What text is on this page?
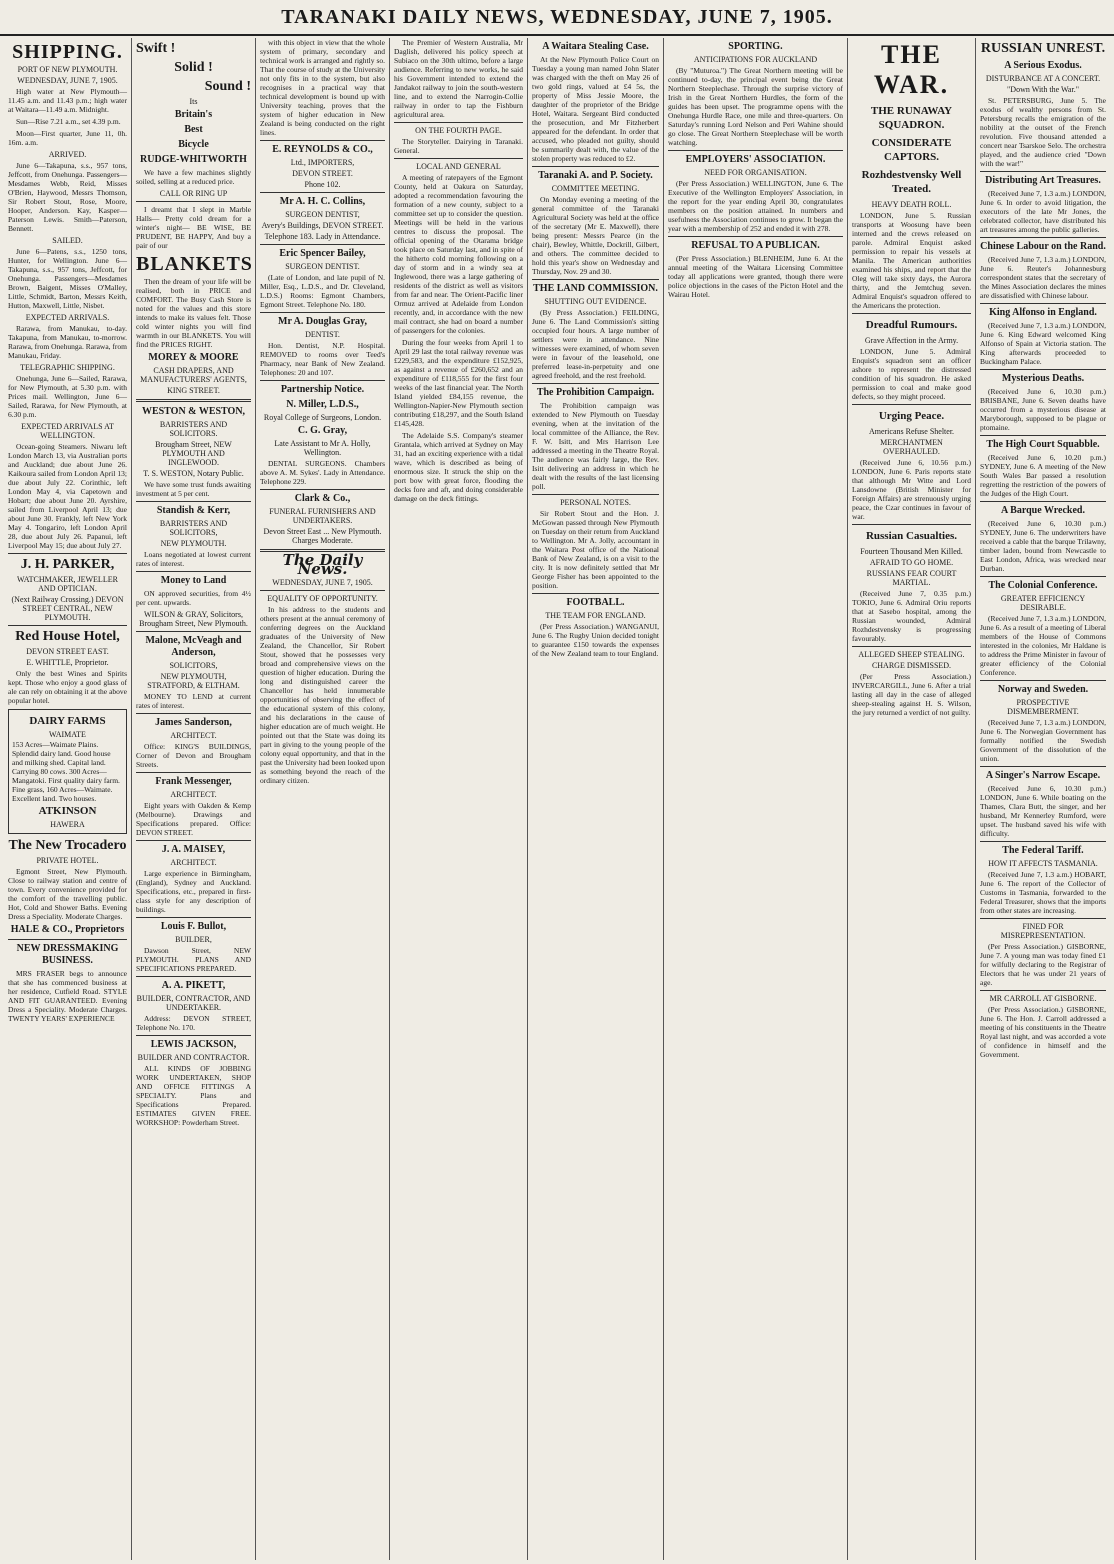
TARANAKI DAILY NEWS, WEDNESDAY, JUNE 7, 1905.
SHIPPING.
PORT OF NEW PLYMOUTH.
WEDNESDAY, JUNE 7, 1905.

High water at New Plymouth—11.45 a.m. and 11.43 p.m.; high water at Waitara—11.49 a.m. Midnight.

Sun—Rise 7.21 a.m., set 4.39 p.m.

Moon—First quarter, June 11, 0h. 16m. a.m.

ARRIVED.

June 6—Takapuna, s.s., 957 tons, Jeffcott, from Onehunga. Passengers—Mesdames Webb, Reid, Misses O'Brien, Haywood, Messrs Thomson, Sir Robert Stout, Rose, Moore, Hooper, Anderson. Kay, Kasper—Paterson Lewis. Smith—Paterson, Bennett.

SAILED.

June 6—Patens, s.s., 1250 tons, Hunter, for Wellington. June 6—Takapuna, s.s., 957 tons, Jeffcott, for Onehunga. Passengers—Mesdames Brown, Baigent, Misses O'Malley, Little, Schmidt, Barton, Messrs Keith, Hutton, Maxwell, Little, Nisbet.

EXPECTED ARRIVALS.

Rarawa, from Manukau, to-day. Takapuna, from Manukau, to-morrow. Rarawa, from Onehunga. Rarawa, from Manukau, Friday.

TELEGRAPHIC SHIPPING.

Onehunga, June 6—Sailed, Rarawa, for New Plymouth, at 5.30 p.m. with Prices mail. Wellington, June 6—Sailed, Rarawa, for New Plymouth, at 6.30 p.m.

EXPECTED ARRIVALS AT WELLINGTON.

Ocean-going Steamers. Niwaru left London March 13, via Australian ports and Auckland; due about June 26. Kaikoura sailed from London April 13; due about July 22. Corinthic, left London May 4, via Capetown and Hobart; due about June 20. Ayrshire, sailed from Liverpool April 13; due about June 30. Frankly, left New York May 4. Tongariro, left London April 28, due about July 26. Papanui, left Liverpool May 15; due about July 27.

J. H. PARKER,
WATCHMAKER, JEWELLER AND OPTICIAN.
(Next Railway Crossing.) DEVON STREET CENTRAL, NEW PLYMOUTH.
Red House Hotel,
DEVON STREET EAST.
E. WHITTLE, Proprietor.

Only the best Wines and Spirits kept. Those who enjoy a good glass of ale can rely on obtaining it at the above popular hotel.

DAIRY FARMS
WAIMATE
153 Acres—Waimate Plains. Splendid dairy land. Good house and milking shed. Capital land. Carrying 80 cows. 300 Acres—Mangatoki. First quality dairy farm. Fine grass, 160 Acres—Waimate. Excellent land. Two houses.
ATKINSON
HAWERA
The New Trocadero
PRIVATE HOTEL.

Egmont Street, New Plymouth. Close to railway station and centre of town. Every convenience provided for the comfort of the travelling public. Hot, Cold and Shower Baths. Evening Dress a Speciality. Moderate Charges.

HALE & CO., Proprietors
NEW DRESSMAKING BUSINESS.

MRS FRASER begs to announce that she has commenced business at her residence, Cutfield Road. STYLE AND FIT GUARANTEED. Evening Dress a Speciality. Moderate Charges. TWENTY YEARS' EXPERIENCE

Swift !
Solid !
Sound !
Its
Britain's
Best
Bicycle
RUDGE-WHITWORTH

We have a few machines slightly soiled, selling at a reduced price.

CALL OR RING UP

I dreamt that I slept in Marble Halls— Pretty cold dream for a winter's night— BE WISE, BE PRUDENT, BE HAPPY, And buy a pair of our

BLANKETS

Then the dream of your life will be realised, both in PRICE and COMFORT. The Busy Cash Store is noted for the values and this store intends to make its values felt. Those cold winter nights you will find warmth in our BLANKETS. You will find the PRICES RIGHT.

MOREY & MOORE
CASH DRAPERS, AND MANUFACTURERS' AGENTS,
KING STREET.
WESTON & WESTON,
BARRISTERS AND SOLICITORS.
Brougham Street, NEW PLYMOUTH AND INGLEWOOD.
T. S. WESTON, Notary Public.

We have some trust funds awaiting investment at 5 per cent.

Standish & Kerr,
BARRISTERS AND SOLICITORS,
NEW PLYMOUTH.

Loans negotiated at lowest current rates of interest.

Money to Land

ON approved securities, from 4½ per cent. upwards.

WILSON & GRAY, Solicitors, Brougham Street, New Plymouth.
Malone, McVeagh and Anderson,
SOLICITORS,
NEW PLYMOUTH, STRATFORD, & ELTHAM.

MONEY TO LEND at current rates of interest.

James Sanderson,
ARCHITECT.

Office: KING'S BUILDINGS, Corner of Devon and Brougham Streets.

Frank Messenger,
ARCHITECT.

Eight years with Oakden & Kemp (Melbourne). Drawings and Specifications prepared. Office: DEVON STREET.

J. A. MAISEY,
ARCHITECT.

Large experience in Birmingham, (England), Sydney and Auckland. Specifications, etc., prepared in first-class style for any description of buildings.

Louis F. Bullot,
BUILDER,

Dawson Street, NEW PLYMOUTH. PLANS AND SPECIFICATIONS PREPARED.

A. A. PIKETT,
BUILDER, CONTRACTOR, AND UNDERTAKER.

Address: DEVON STREET, Telephone No. 170.

LEWIS JACKSON,
BUILDER AND CONTRACTOR.

ALL KINDS OF JOBBING WORK UNDERTAKEN, SHOP AND OFFICE FITTINGS A SPECIALTY. Plans and Specifications Prepared. ESTIMATES GIVEN FREE. WORKSHOP: Powderham Street.

with this object in view that the whole system of primary, secondary and technical work is arranged and rightly so. That the course of study at the University not only fits in to the system, but also recognises in a practical way that technical development is bound up with University teaching, proves that the system of higher education in New Zealand is being conducted on the right lines.

E. REYNOLDS & CO.,
Ltd., IMPORTERS,
DEVON STREET.
Phone 102.
Mr A. H. C. Collins,
SURGEON DENTIST,
Avery's Buildings, DEVON STREET.
Telephone 183. Lady in Attendance.
Eric Spencer Bailey,
SURGEON DENTIST.

(Late of London, and late pupil of N. Miller, Esq., L.D.S., and Dr. Cleveland, L.D.S.) Rooms: Egmont Chambers, Egmont Street. Telephone No. 180.

Mr A. Douglas Gray,
DENTIST.

Hon. Dentist, N.P. Hospital. REMOVED to rooms over Teed's Pharmacy, near Bank of New Zealand. Telephones: 20 and 107.

Partnership Notice.
N. Miller, L.D.S.,
Royal College of Surgeons, London.
C. G. Gray,
Late Assistant to Mr A. Holly, Wellington.

DENTAL SURGEONS. Chambers above A. M. Sykes'. Lady in Attendance. Telephone 229.

Clark & Co.,
FUNERAL FURNISHERS AND UNDERTAKERS.
Devon Street East ... New Plymouth. Charges Moderate.
The Daily News.
WEDNESDAY, JUNE 7, 1905.
EQUALITY OF OPPORTUNITY.

In his address to the students and others present at the annual ceremony of conferring degrees on the Auckland graduates of the University of New Zealand, the Chancellor, Sir Robert Stout, showed that he possesses very broad and comprehensive views on the question of higher education. During the long and distinguished career the Chancellor has held innumerable opportunities of observing the effect of the educational system of this colony, and his declarations in the cause of higher education are of much weight. He pointed out that the State was doing its part in giving to the young people of the colony equal opportunity, and that in the past the University had been looked upon as something beyond the reach of the ordinary citizen.

The Premier of Western Australia, Mr Daglish, delivered his policy speech at Subiaco on the 30th ultimo, before a large audience. Referring to new works, he said his Government intended to extend the Jandakot railway to join the south-western line, and to extend the Narrogin-Collie railway in order to tap the Fishburn agricultural area.

ON THE FOURTH PAGE.

The Storyteller. Dairying in Taranaki. General.

LOCAL AND GENERAL

A meeting of ratepayers of the Egmont County, held at Oakura on Saturday, adopted a recommendation favouring the formation of a new county, subject to a committee set up to consider the question. Meetings will be held in the various centres to discuss the proposal. The official opening of the Otarama bridge took place on Saturday last, and in spite of the hitherto cold morning following on a day of storm and in a windy sea at Inglewood, there was a large gathering of residents of the district as well as visitors from far and near. The Orient-Pacific liner Ormuz arrived at Adelaide from London recently, and, in accordance with the new mail contract, she had on board a number of passengers for the colonies.

During the four weeks from April 1 to April 29 last the total railway revenue was £229,583, and the expenditure £152,925, as against a revenue of £260,652 and an expenditure of £118,555 for the first four weeks of the last financial year. The North Island yielded £84,155 revenue, the Wellington-Napier-New Plymouth section contributing £18,297, and the South Island £145,428.

The Adelaide S.S. Company's steamer Grantala, which arrived at Sydney on May 31, had an exciting experience with a tidal wave, which is described as being of enormous size. It struck the ship on the port bow with great force, flooding the decks fore and aft, and doing considerable damage on the deck fittings.

A Waitara Stealing Case.

At the New Plymouth Police Court on Tuesday a young man named John Slater was charged with the theft on May 26 of two gold rings, valued at £4 5s, the property of Miss Jessie Moore, the daughter of the proprietor of the Bridge Hotel, Waitara. Sergeant Bird conducted the prosecution, and Mr Fitzherbert appeared for the defendant. In order that accused, who pleaded not guilty, should be summarily dealt with, the value of the stolen property was reduced to £2.

Taranaki A. and P. Society.
COMMITTEE MEETING.

On Monday evening a meeting of the general committee of the Taranaki Agricultural Society was held at the office of the secretary (Mr E. Maxwell), there being present: Messrs Pearce (in the chair), Bewley, Whittle, Dockrill, Gilbert, and others. The committee decided to hold this year's show on Wednesday and Thursday, Nov. 29 and 30.

THE LAND COMMISSION.
SHUTTING OUT EVIDENCE.

(By Press Association.) FEILDING, June 6. The Land Commission's sitting occupied four hours. A large number of settlers were in attendance. Nine witnesses were examined, of whom seven were in favour of the leasehold, one preferred lease-in-perpetuity and one agreed freehold, and the rest freehold.

The Prohibition Campaign.

The Prohibition campaign was extended to New Plymouth on Tuesday evening, when at the invitation of the local committee of the Alliance, the Rev. F. W. Isitt, and Mrs Harrison Lee addressed a meeting in the Theatre Royal. The audience was fairly large, the Rev. Isitt delivering an address in which he dealt with the results of the last licensing poll.

PERSONAL NOTES.

Sir Robert Stout and the Hon. J. McGowan passed through New Plymouth on Tuesday on their return from Auckland to Wellington. Mr A. Jolly, accountant in the Waitara Post office of the National Bank of New Zealand, is on a visit to the city. It is now definitely settled that Mr George Fisher has been appointed to the position.

FOOTBALL.
THE TEAM FOR ENGLAND.

(Per Press Association.) WANGANUI, June 6. The Rugby Union decided tonight to guarantee £150 towards the expenses of the New Zealand team to tour England.

SPORTING.
ANTICIPATIONS FOR AUCKLAND

(By "Muturoa.") The Great Northern meeting will be continued to-day, the principal event being the Great Northern Steeplechase. Through the surprise victory of Irish in the Great Northern Hurdles, the form of the guides has been upset. The programme opens with the Onehunga Hurdle Race, one mile and three-quarters. On Saturday's running Lord Nelson and Peri Wahine should go close. The Great Northern Steeplechase will be worth watching.

EMPLOYERS' ASSOCIATION.
NEED FOR ORGANISATION.

(Per Press Association.) WELLINGTON, June 6. The Executive of the Wellington Employers' Association, in the report for the year ending April 30, congratulates members on the position attained. In numbers and usefulness the Association continues to grow. It began the year with a membership of 252 and ended it with 278.

REFUSAL TO A PUBLICAN.

(Per Press Association.) BLENHEIM, June 6. At the annual meeting of the Waitara Licensing Committee today all applications were granted, though there were police objections in the cases of the Picton Hotel and the Wairau Hotel.

THE WAR.
THE RUNAWAY SQUADRON.
CONSIDERATE CAPTORS.
Rozhdestvensky Well Treated.
HEAVY DEATH ROLL.

LONDON, June 5. Russian transports at Woosung have been interned and the crews released on parole. Admiral Enquist asked permission to repair his vessels at Manila. The American authorities examined his ships, and report that the Oleg will take sixty days, the Aurora thirty, and the Jemtchug seven. Admiral Enquist's squadron offered to the Americans the protection.

Dreadful Rumours.
Grave Affection in the Army.

LONDON, June 5. Admiral Enquist's squadron sent an officer ashore to represent the distressed condition of his squadron. He asked permission to coal and make good defects, so they might proceed.

Urging Peace.
Americans Refuse Shelter.
MERCHANTMEN OVERHAULED.

(Received June 6, 10.56 p.m.) LONDON, June 6. Paris reports state that although Mr Witte and Lord Lansdowne (British Minister for Foreign Affairs) are strenuously urging peace, the Czar continues in favour of war.

Russian Casualties.
Fourteen Thousand Men Killed.
AFRAID TO GO HOME.
RUSSIANS FEAR COURT MARTIAL.

(Received June 7, 0.35 p.m.) TOKIO, June 6. Admiral Oriu reports that at Sasebo hospital, among the Russian wounded, Admiral Rozhdestvensky is progressing favourably.

ALLEGED SHEEP STEALING.
CHARGE DISMISSED.

(Per Press Association.) INVERCARGILL, June 6. After a trial lasting all day in the case of alleged sheep-stealing against H. S. Wilson, the jury returned a verdict of not guilty.

RUSSIAN UNREST.
A Serious Exodus.
DISTURBANCE AT A CONCERT.
"Down With the War."

St. PETERSBURG, June 5. The exodus of wealthy persons from St. Petersburg recalls the emigration of the nobility at the outset of the French revolution. Five thousand attended a concert near Tsarskoe Selo. The orchestra played, and the audience cried "Down with the war!"

Distributing Art Treasures.

(Received June 7, 1.3 a.m.) LONDON, June 6. In order to avoid litigation, the executors of the late Mr Jones, the celebrated collector, have distributed his art treasures among the public galleries.

Chinese Labour on the Rand.

(Received June 7, 1.3 a.m.) LONDON, June 6. Reuter's Johannesburg correspondent states that the secretary of the Mines Association declares the mines are dissatisfied with Chinese labour.

King Alfonso in England.

(Received June 7, 1.3 a.m.) LONDON, June 6. King Edward welcomed King Alfonso of Spain at Victoria station. The King afterwards proceeded to Buckingham Palace.

Mysterious Deaths.

(Received June 6, 10.30 p.m.) BRISBANE, June 6. Seven deaths have occurred from a mysterious disease at Maryborough, supposed to be plague or ptomaine.

The High Court Squabble.

(Received June 6, 10.20 p.m.) SYDNEY, June 6. A meeting of the New South Wales Bar passed a resolution regretting the restriction of the powers of the Judges of the High Court.

A Barque Wrecked.

(Received June 6, 10.30 p.m.) SYDNEY, June 6. The underwriters have received a cable that the barque Trilawny, timber laden, bound from Newcastle to East London, Africa, was wrecked near Durban.

The Colonial Conference.
GREATER EFFICIENCY DESIRABLE.

(Received June 7, 1.3 a.m.) LONDON, June 6. As a result of a meeting of Liberal members of the House of Commons interested in the colonies, Mr Haldane is to address the Prime Minister in favour of greater efficiency of the Colonial Conference.

Norway and Sweden.
PROSPECTIVE DISMEMBERMENT.

(Received June 7, 1.3 a.m.) LONDON, June 6. The Norwegian Government has formally notified the Swedish Government of the dissolution of the union.

A Singer's Narrow Escape.

(Received June 6, 10.30 p.m.) LONDON, June 6. While boating on the Thames, Clara Butt, the singer, and her husband, Mr Kennerley Rumford, were upset. The husband saved his wife with difficulty.

The Federal Tariff.
HOW IT AFFECTS TASMANIA.

(Received June 7, 1.3 a.m.) HOBART, June 6. The report of the Collector of Customs in Tasmania, forwarded to the Federal Treasurer, shows that the imports from other states are increasing.

FINED FOR MISREPRESENTATION.

(Per Press Association.) GISBORNE, June 7. A young man was today fined £1 for wilfully declaring to the Registrar of Electors that he was under 21 years of age.

MR CARROLL AT GISBORNE.

(Per Press Association.) GISBORNE, June 6. The Hon. J. Carroll addressed a meeting of his constituents in the Theatre Royal last night, and was accorded a vote of confidence in himself and the Government.
